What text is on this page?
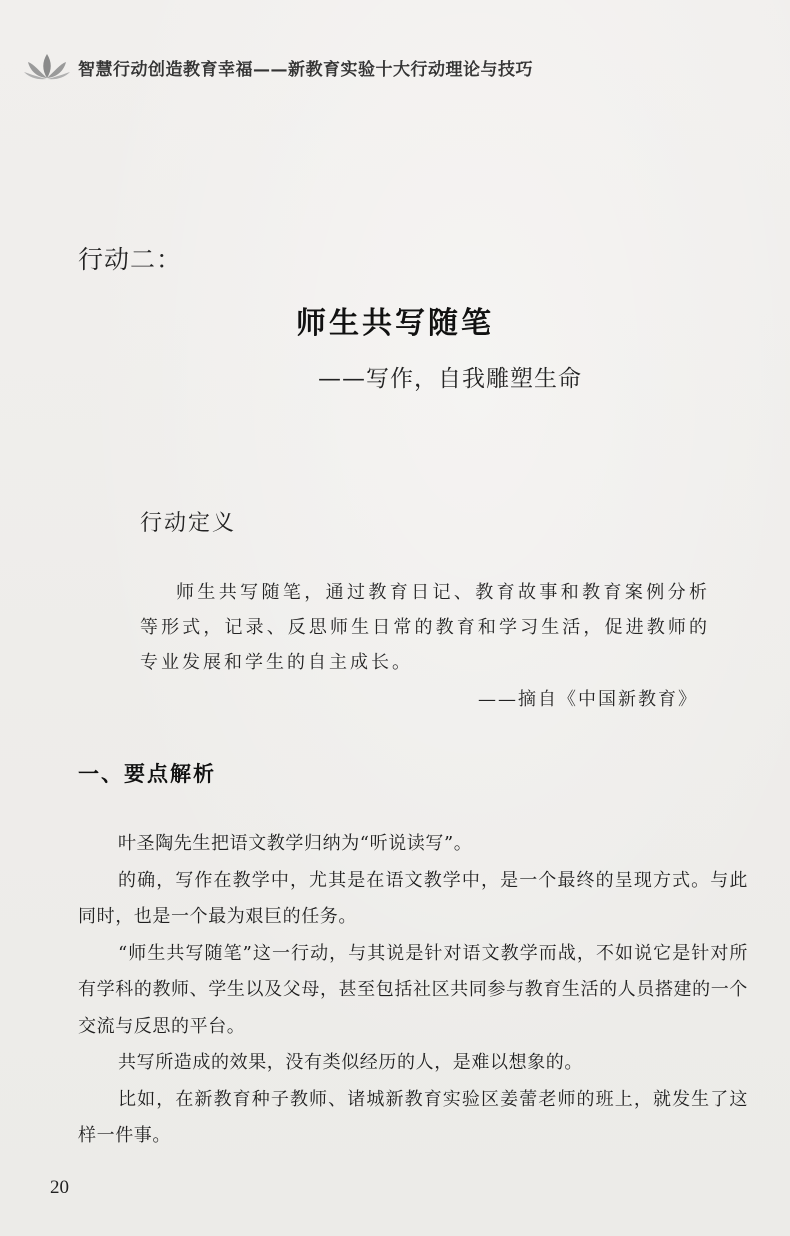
智慧行动创造教育幸福——新教育实验十大行动理论与技巧
行动二：
师生共写随笔
——写作，自我雕塑生命
行动定义
师生共写随笔，通过教育日记、教育故事和教育案例分析等形式，记录、反思师生日常的教育和学习生活，促进教师的专业发展和学生的自主成长。
——摘自《中国新教育》
一、要点解析

叶圣陶先生把语文教学归纳为“听说读写”。

的确，写作在教学中，尤其是在语文教学中，是一个最终的呈现方式。与此同时，也是一个最为艰巨的任务。

“师生共写随笔”这一行动，与其说是针对语文教学而战，不如说它是针对所有学科的教师、学生以及父母，甚至包括社区共同参与教育生活的人员搭建的一个交流与反思的平台。

共写所造成的效果，没有类似经历的人，是难以想象的。

比如，在新教育种子教师、诸城新教育实验区姜蕾老师的班上，就发生了这样一件事。

20
